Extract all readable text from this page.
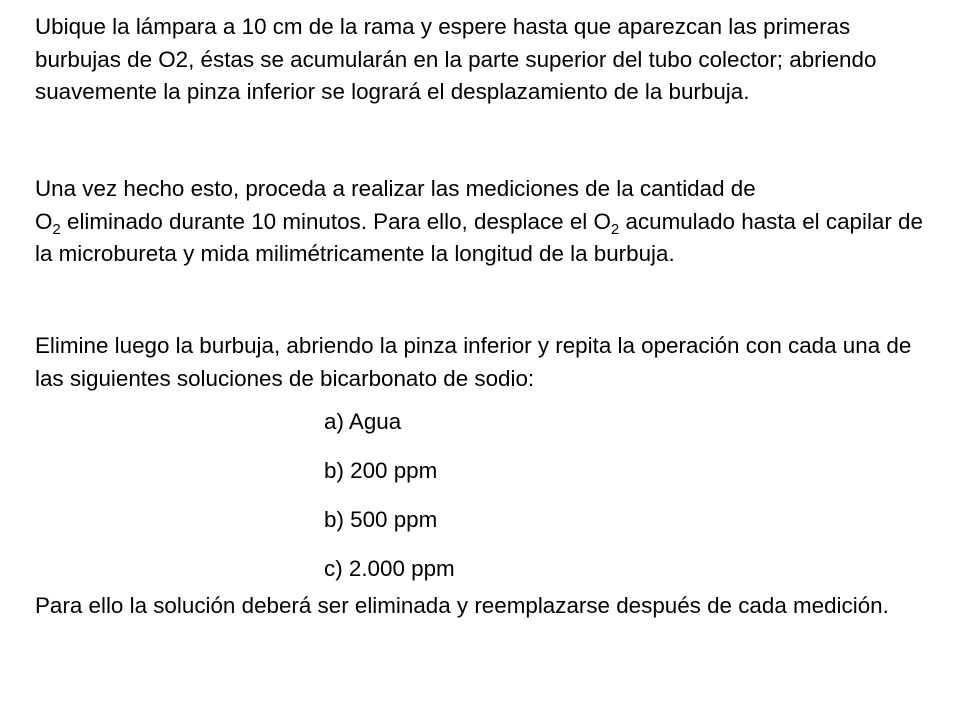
Ubique la lámpara a 10 cm de la rama y espere hasta que aparezcan las primeras burbujas de O2, éstas se acumularán en la parte superior del tubo colector; abriendo suavemente la pinza inferior se logrará el desplazamiento de la burbuja.

Una vez hecho esto, proceda a realizar las mediciones de la cantidad de
$O_2$ eliminado durante 10 minutos. Para ello, desplace el $O_2$ acumulado hasta el capilar de la microbureta y mida milimétricamente la longitud de la burbuja.

Elimine luego la burbuja, abriendo la pinza inferior y repita la operación con cada una de las siguientes soluciones de bicarbonato de sodio:

a) Agua
b) 200 ppm
b) 500 ppm
c) 2.000 ppm

Para ello la solución deberá ser eliminada y reemplazarse después de cada medición.
